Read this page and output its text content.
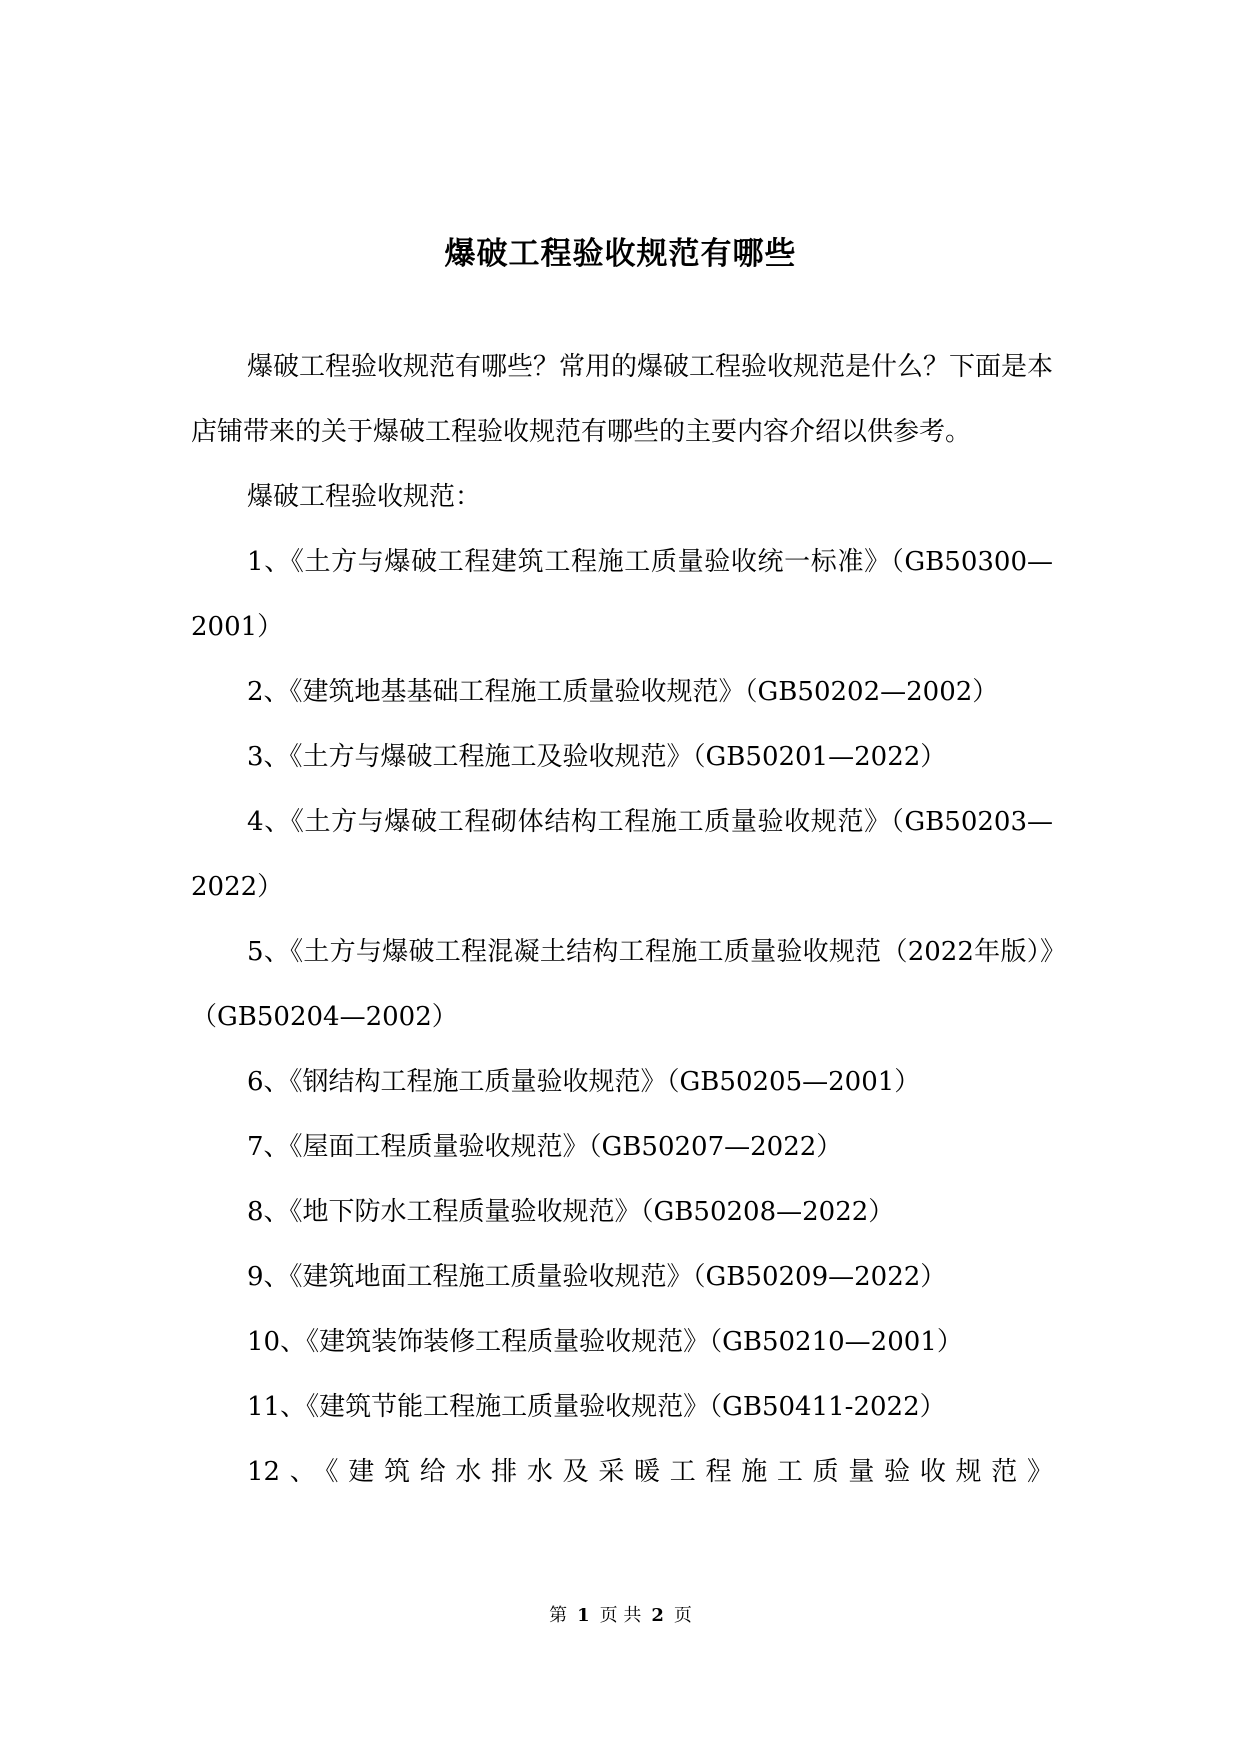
爆破工程验收规范有哪些

爆破工程验收规范有哪些？常用的爆破工程验收规范是什么？下面是本店铺带来的关于爆破工程验收规范有哪些的主要内容介绍以供参考。

爆破工程验收规范：

1、《土方与爆破工程建筑工程施工质量验收统一标准》（GB50300—2001）

2、《建筑地基基础工程施工质量验收规范》（GB50202—2002）

3、《土方与爆破工程施工及验收规范》（GB50201—2022）

4、《土方与爆破工程砌体结构工程施工质量验收规范》（GB50203—2022）

5、《土方与爆破工程混凝土结构工程施工质量验收规范（2022年版）》（GB50204—2002）

6、《钢结构工程施工质量验收规范》（GB50205—2001）

7、《屋面工程质量验收规范》（GB50207—2022）

8、《地下防水工程质量验收规范》（GB50208—2022）

9、《建筑地面工程施工质量验收规范》（GB50209—2022）

10、《建筑装饰装修工程质量验收规范》（GB50210—2001）

11、《建筑节能工程施工质量验收规范》（GB50411-2022）

12、《建筑给水排水及采暖工程施工质量验收规范》

第 1 页 共 2 页
